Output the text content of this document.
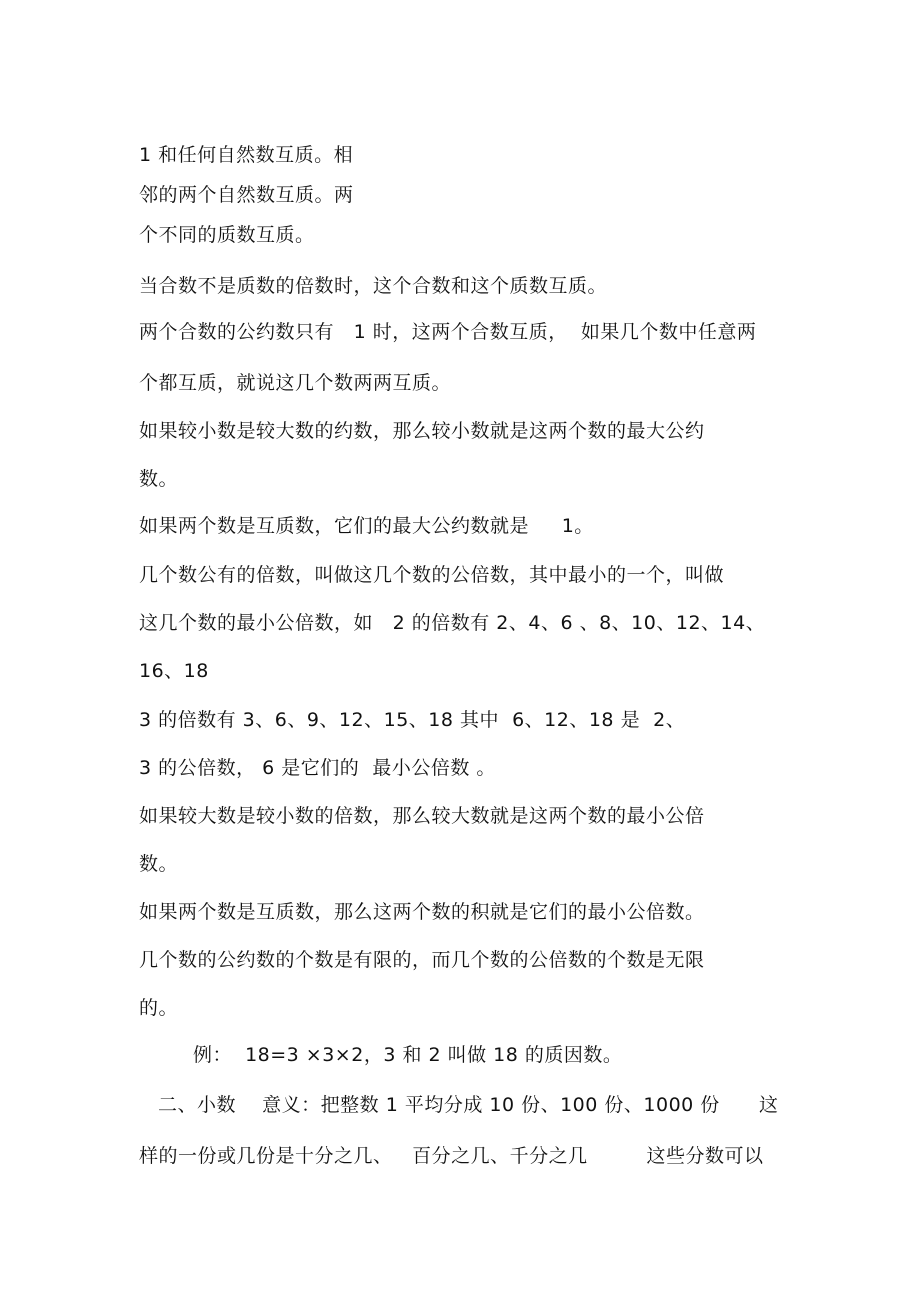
1 和任何自然数互质。相
邻的两个自然数互质。两
个不同的质数互质。
当合数不是质数的倍数时，这个合数和这个质数互质。
两个合数的公约数只有   1 时，这两个合数互质，  如果几个数中任意两
个都互质，就说这几个数两两互质。
如果较小数是较大数的约数，那么较小数就是这两个数的最大公约
数。
如果两个数是互质数，它们的最大公约数就是     1。
几个数公有的倍数，叫做这几个数的公倍数，其中最小的一个，叫做
这几个数的最小公倍数，如   2 的倍数有 2、4、6 、8、10、12、14、
16、18
3 的倍数有 3、6、9、12、15、18 其中  6、12、18 是  2、
3 的公倍数， 6 是它们的  最小公倍数 。
如果较大数是较小数的倍数，那么较大数就是这两个数的最小公倍
数。
如果两个数是互质数，那么这两个数的积就是它们的最小公倍数。
几个数的公约数的个数是有限的，而几个数的公倍数的个数是无限
的。
例：  18=3 ×3×2，3 和 2 叫做 18 的质因数。
二、小数    意义：把整数 1 平均分成 10 份、100 份、1000 份      这
样的一份或几份是十分之几、   百分之几、千分之几         这些分数可以
